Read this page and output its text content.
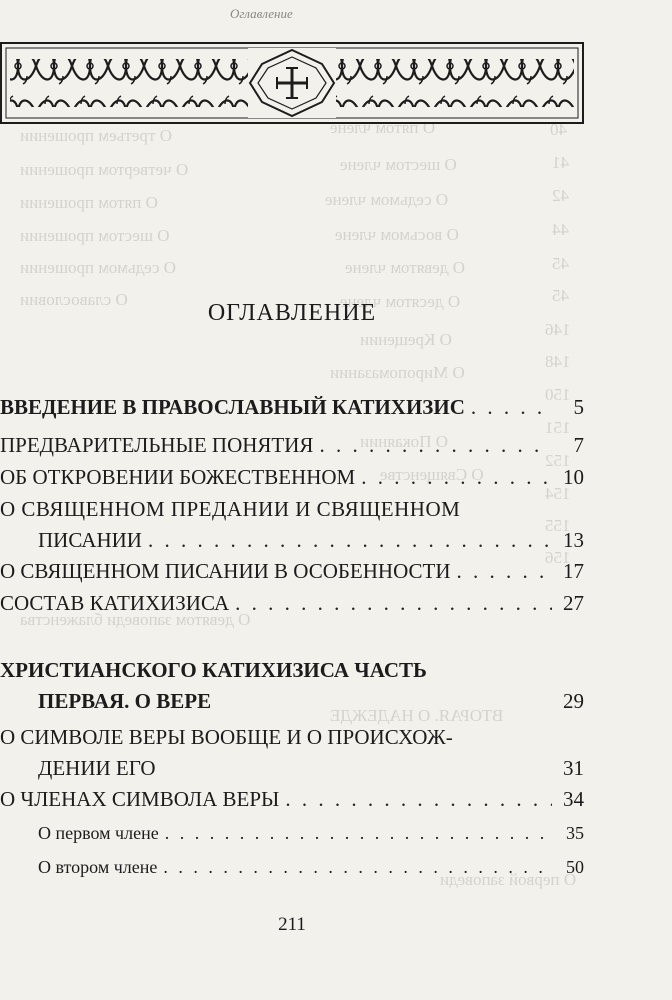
О пятом члене
О шестом члене
О седьмом члене
О восьмом члене
О девятом члене
О десятом члене
О Крещении
О Миропомазании
О Покаянии
О Священстве
О девятом заповеди блаженства
О третьем прошении
О четвертом прошении
О пятом прошении
О шестом прошении
О седьмом прошении
О славословии
ВТОРАЯ. О НАДЕЖДЕ
О первой заповеди
40
41
42
44
45
45
146
148
150
151
152
154
155
156
Оглавление
ОГЛАВЛЕНИЕ
ВВЕДЕНИЕ В ПРАВОСЛАВНЫЙ КАТИХИЗИС . . .	5
ПРЕДВАРИТЕЛЬНЫЕ ПОНЯТИЯ . . .	7
ОБ ОТКРОВЕНИИ БОЖЕСТВЕННОМ . . .	10
О СВЯЩЕННОМ ПРЕДАНИИ И СВЯЩЕННОМ
ПИСАНИИ . . .	13
О СВЯЩЕННОМ ПИСАНИИ В ОСОБЕННОСТИ . . .	17
СОСТАВ КАТИХИЗИСА . . .	27
ХРИСТИАНСКОГО КАТИХИЗИСА ЧАСТЬ
ПЕРВАЯ. О ВЕРЕ	29
О СИМВОЛЕ ВЕРЫ ВООБЩЕ И О ПРОИСХОЖ-
ДЕНИИ ЕГО	31
О ЧЛЕНАХ СИМВОЛА ВЕРЫ . . .	34
О первом члене . . .	35
О втором члене . . .	50
211
